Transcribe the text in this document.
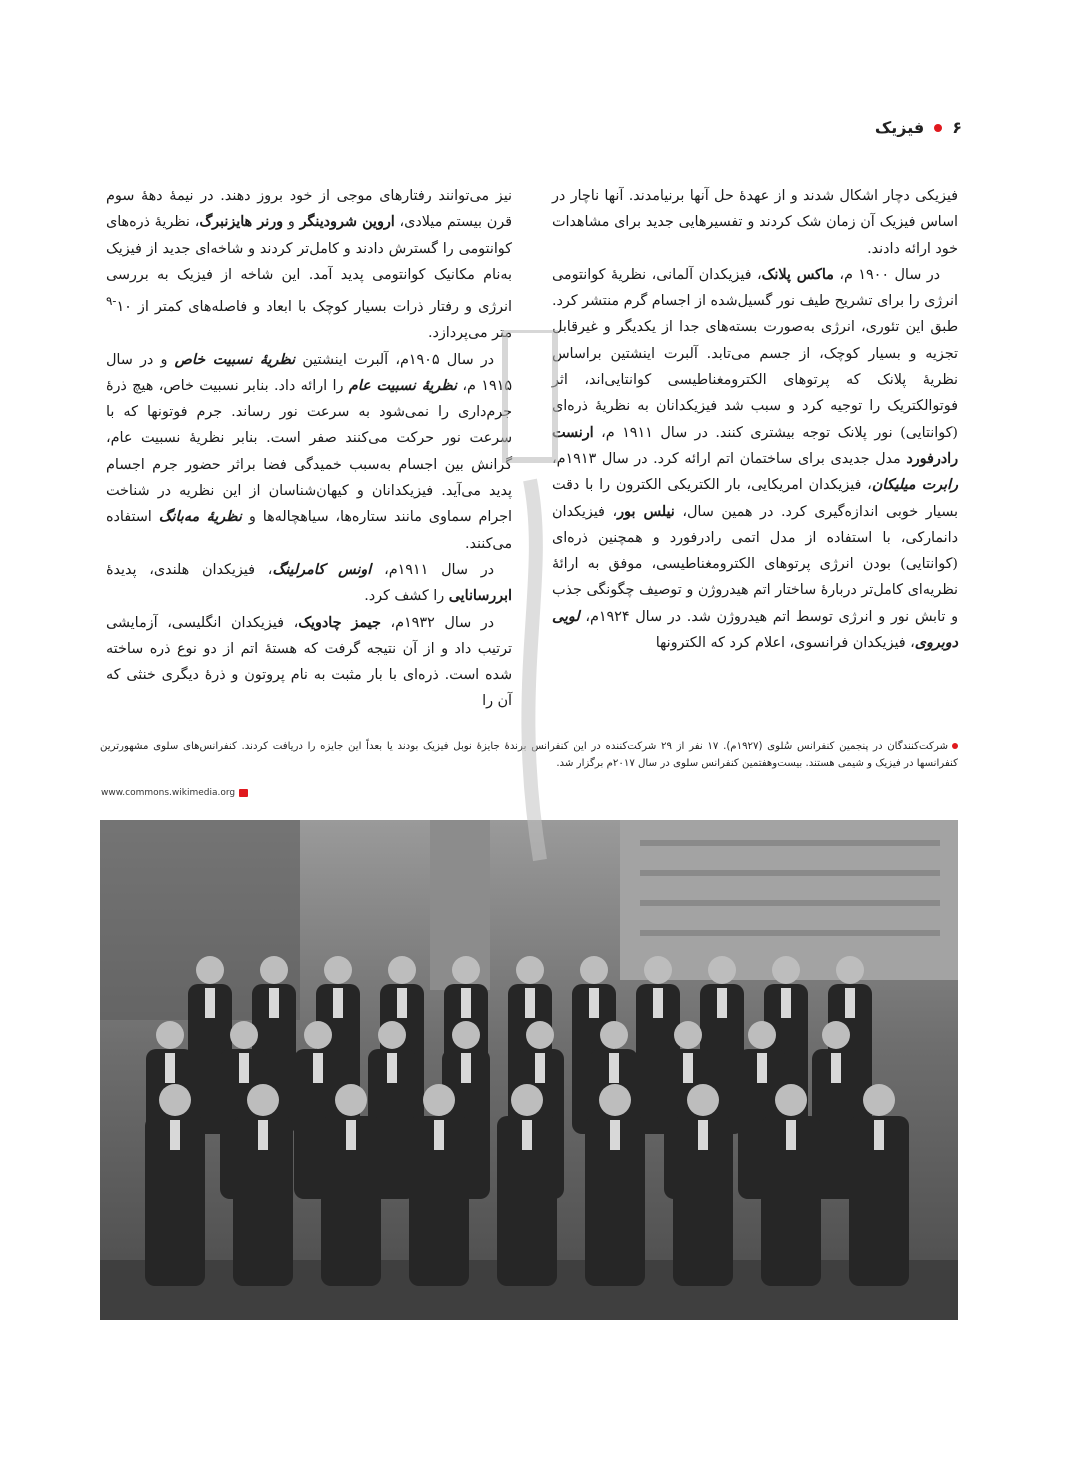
۶
فیزیک

فیزیکی دچار اشکال شدند و از عهدهٔ حل آنها برنیامدند. آنها ناچار در اساس فیزیک آن زمان شک کردند و تفسیرهایی جدید برای مشاهدات خود ارائه دادند.

در سال ۱۹۰۰ م، ماکس پلانک، فیزیکدان آلمانی، نظریهٔ کوانتومی انرژی را برای تشریح طیف نور گسیل‌شده از اجسام گرم منتشر کرد. طبق این تئوری، انرژی به‌صورت بسته‌های جدا از یکدیگر و غیرقابل تجزیه و بسیار کوچک، از جسم می‌تابد. آلبرت اینشتین براساس نظریهٔ پلانک که پرتوهای الکترومغناطیسی کوانتایی‌اند، اثر فوتوالکتریک را توجیه کرد و سبب شد فیزیکدانان به نظریهٔ ذره‌ای (کوانتایی) نور پلانک توجه بیشتری کنند. در سال ۱۹۱۱ م، ارنست رادرفورد مدل جدیدی برای ساختمان اتم ارائه کرد. در سال ۱۹۱۳م، رابرت میلیکان، فیزیکدان امریکایی، بار الکتریکی الکترون را با دقت بسیار خوبی اندازه‌گیری کرد. در همین سال، نیلس بور، فیزیکدان دانمارکی، با استفاده از مدل اتمی رادرفورد و همچنین ذره‌ای (کوانتایی) بودن انرژی پرتوهای الکترومغناطیسی، موفق به ارائهٔ نظریه‌ای کامل‌تر دربارهٔ ساختار اتم هیدروژن و توصیف چگونگی جذب و تابش نور و انرژی توسط اتم هیدروژن شد. در سال ۱۹۲۴م، لویی دوبروی، فیزیکدان فرانسوی، اعلام کرد که الکترونها

نیز می‌توانند رفتارهای موجی از خود بروز دهند. در نیمهٔ دههٔ سوم قرن بیستم میلادی، اروین شرودینگر و ورنر هایزنبرگ، نظریهٔ ذره‌های کوانتومی را گسترش دادند و کامل‌تر کردند و شاخه‌ای جدید از فیزیک به‌نام مکانیک کوانتومی پدید آمد. این شاخه از فیزیک به بررسی انرژی و رفتار ذرات بسیار کوچک با ابعاد و فاصله‌های کمتر از $۱۰^{-۹}$ متر می‌پردازد.

در سال ۱۹۰۵م، آلبرت اینشتین نظریهٔ نسبیت خاص و در سال ۱۹۱۵ م، نظریهٔ نسبیت عام را ارائه داد. بنابر نسبیت خاص، هیچ ذرهٔ جرم‌داری را نمی‌شود به سرعت نور رساند. جرم فوتونها که با سرعت نور حرکت می‌کنند صفر است. بنابر نظریهٔ نسبیت عام، گرانش بین اجسام به‌سبب خمیدگی فضا براثر حضور جرم اجسام پدید می‌آید. فیزیکدانان و کیهان‌شناسان از این نظریه در شناخت اجرام سماوی مانند ستاره‌ها، سیاهچاله‌ها و نظریهٔ مه‌بانگ استفاده می‌کنند.

در سال ۱۹۱۱م، اونس کامرلینگ، فیزیکدان هلندی، پدیدهٔ ابررسانایی را کشف کرد.

در سال ۱۹۳۲م، جیمز چادویک، فیزیکدان انگلیسی، آزمایشی ترتیب داد و از آن نتیجه گرفت که هستهٔ اتم از دو نوع ذره ساخته شده است. ذره‌ای با بار مثبت به نام پروتون و ذرهٔ دیگری خنثی که آن را

شرکت‌کنندگان در پنجمین کنفرانس سُلوی (۱۹۲۷م). ۱۷ نفر از ۲۹ شرکت‌کننده در این کنفرانس برندهٔ جایزهٔ نوبل فیزیک بودند یا بعداً این جایزه را دریافت کردند. کنفرانس‌های سلوی مشهورترین کنفرانسها در فیزیک و شیمی هستند. بیست‌وهفتمین کنفرانس سلوی در سال ۲۰۱۷م برگزار شد.
www.commons.wikimedia.org
